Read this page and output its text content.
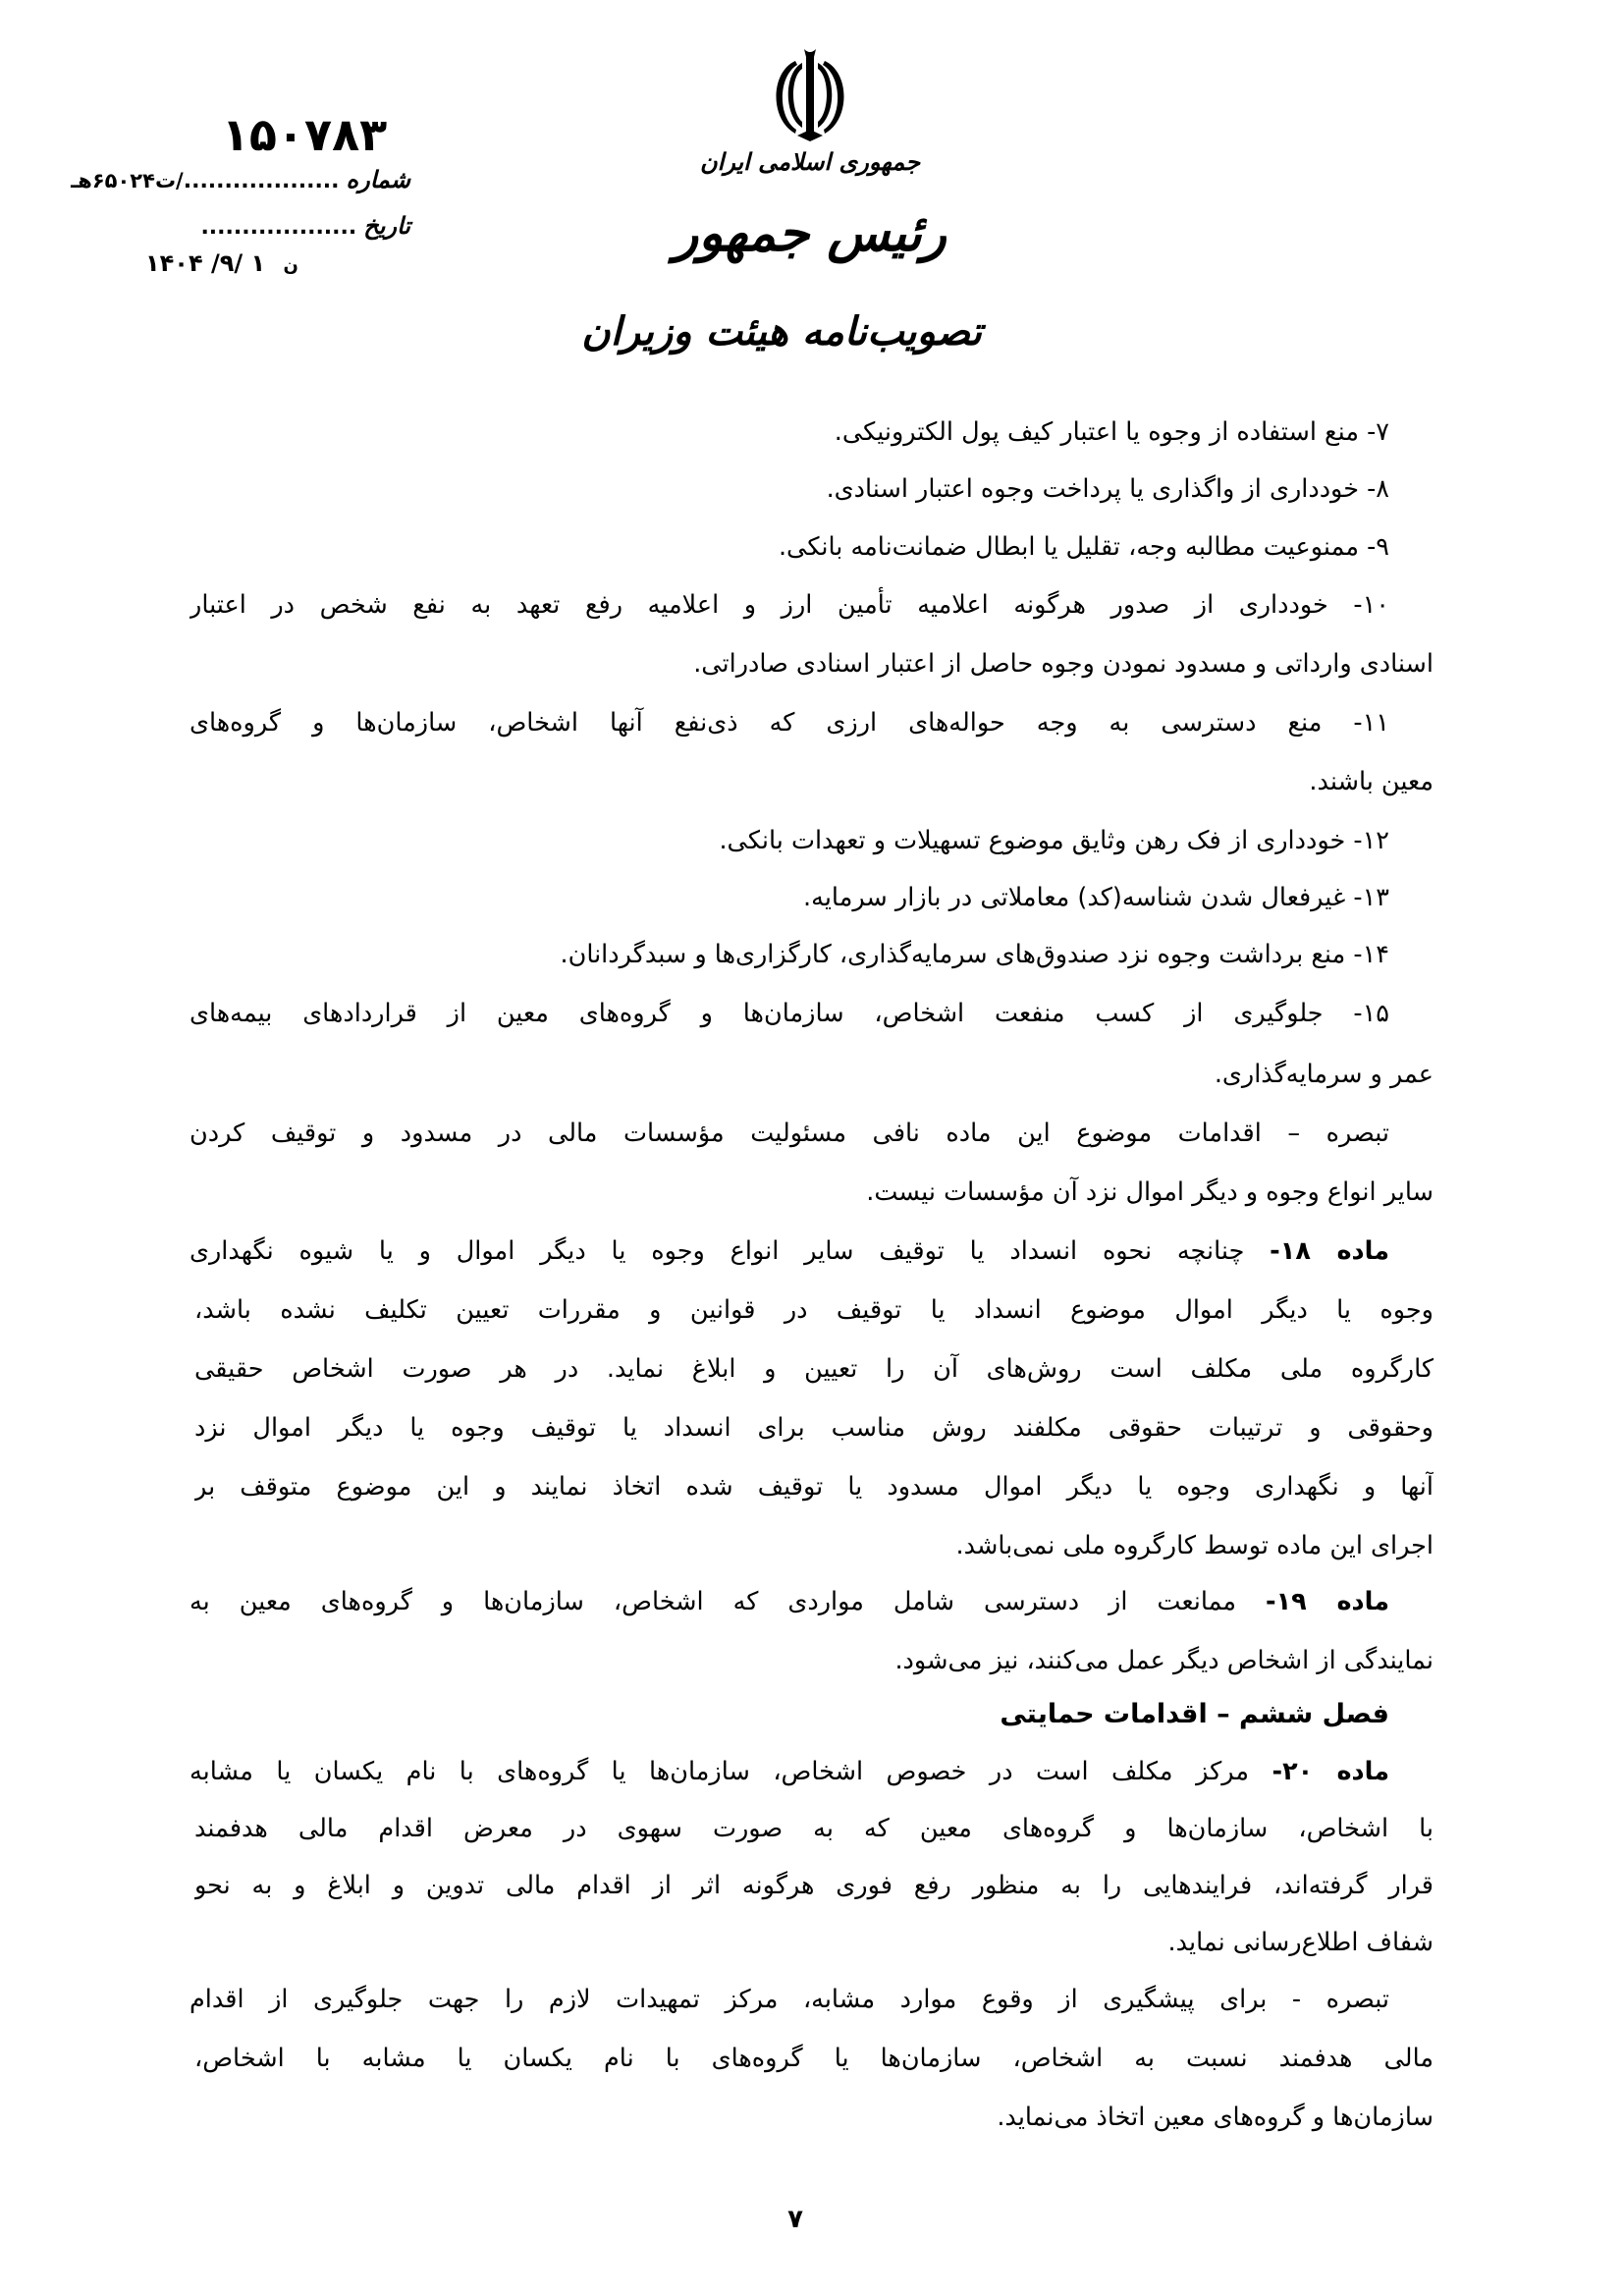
جمهوری اسلامی ایران
رئیس جمهور
تصویب‌نامه هیئت وزیران
۱۵۰۷۸۳
شماره .................../ت۶۵۰۲۴هـ
تاریخ ...................
۱۴۰۴ /۹/ ۱ ن
۷- منع استفاده از وجوه یا اعتبار کیف پول الکترونیکی.
۸- خودداری از واگذاری یا پرداخت وجوه اعتبار اسنادی.
۹- ممنوعیت مطالبه وجه، تقلیل یا ابطال ضمانت‌نامه بانکی.
۱۰- خودداری از صدور هرگونه اعلامیه تأمین ارز و اعلامیه رفع تعهد به نفع شخص در اعتبار
اسنادی وارداتی و مسدود نمودن وجوه حاصل از اعتبار اسنادی صادراتی.
۱۱- منع دسترسی به وجه حواله‌های ارزی که ذی‌نفع آنها اشخاص، سازمان‌ها و گروه‌های
معین باشند.
۱۲- خودداری از فک رهن وثایق موضوع تسهیلات و تعهدات بانکی.
۱۳- غیرفعال شدن شناسه(کد) معاملاتی در بازار سرمایه.
۱۴- منع برداشت وجوه نزد صندوق‌های سرمایه‌گذاری، کارگزاری‌ها و سبدگردانان.
۱۵- جلوگیری از کسب منفعت اشخاص، سازمان‌ها و گروه‌های معین از قراردادهای بیمه‌های
عمر و سرمایه‌گذاری.
تبصره – اقدامات موضوع این ماده نافی مسئولیت مؤسسات مالی در مسدود و توقیف کردن
سایر انواع وجوه و دیگر اموال نزد آن مؤسسات نیست.
ماده ۱۸- چنانچه نحوه انسداد یا توقیف سایر انواع وجوه یا دیگر اموال و یا شیوه نگهداری
وجوه یا دیگر اموال موضوع انسداد یا توقیف در قوانین و مقررات تعیین تکلیف نشده باشد،
کارگروه ملی مکلف است روش‌های آن را تعیین و ابلاغ نماید. در هر صورت اشخاص حقیقی
وحقوقی و ترتیبات حقوقی مکلفند روش مناسب برای انسداد یا توقیف وجوه یا دیگر اموال نزد
آنها و نگهداری وجوه یا دیگر اموال مسدود یا توقیف شده اتخاذ نمایند و این موضوع متوقف بر
اجرای این ماده توسط کارگروه ملی نمی‌باشد.
ماده ۱۹- ممانعت از دسترسی شامل مواردی که اشخاص، سازمان‌ها و گروه‌های معین به
نمایندگی از اشخاص دیگر عمل می‌کنند، نیز می‌شود.
فصل ششم – اقدامات حمایتی
ماده ۲۰- مرکز مکلف است در خصوص اشخاص، سازمان‌ها یا گروه‌های با نام یکسان یا مشابه
با اشخاص، سازمان‌ها و گروه‌های معین که به صورت سهوی در معرض اقدام مالی هدفمند
قرار گرفته‌اند، فرایندهایی را به منظور رفع فوری هرگونه اثر از اقدام مالی تدوین و ابلاغ و به نحو
شفاف اطلاع‌رسانی نماید.
تبصره - برای پیشگیری از وقوع موارد مشابه، مرکز تمهیدات لازم را جهت جلوگیری از اقدام
مالی هدفمند نسبت به اشخاص، سازمان‌ها یا گروه‌های با نام یکسان یا مشابه با اشخاص،
سازمان‌ها و گروه‌های معین اتخاذ می‌نماید.
۷
